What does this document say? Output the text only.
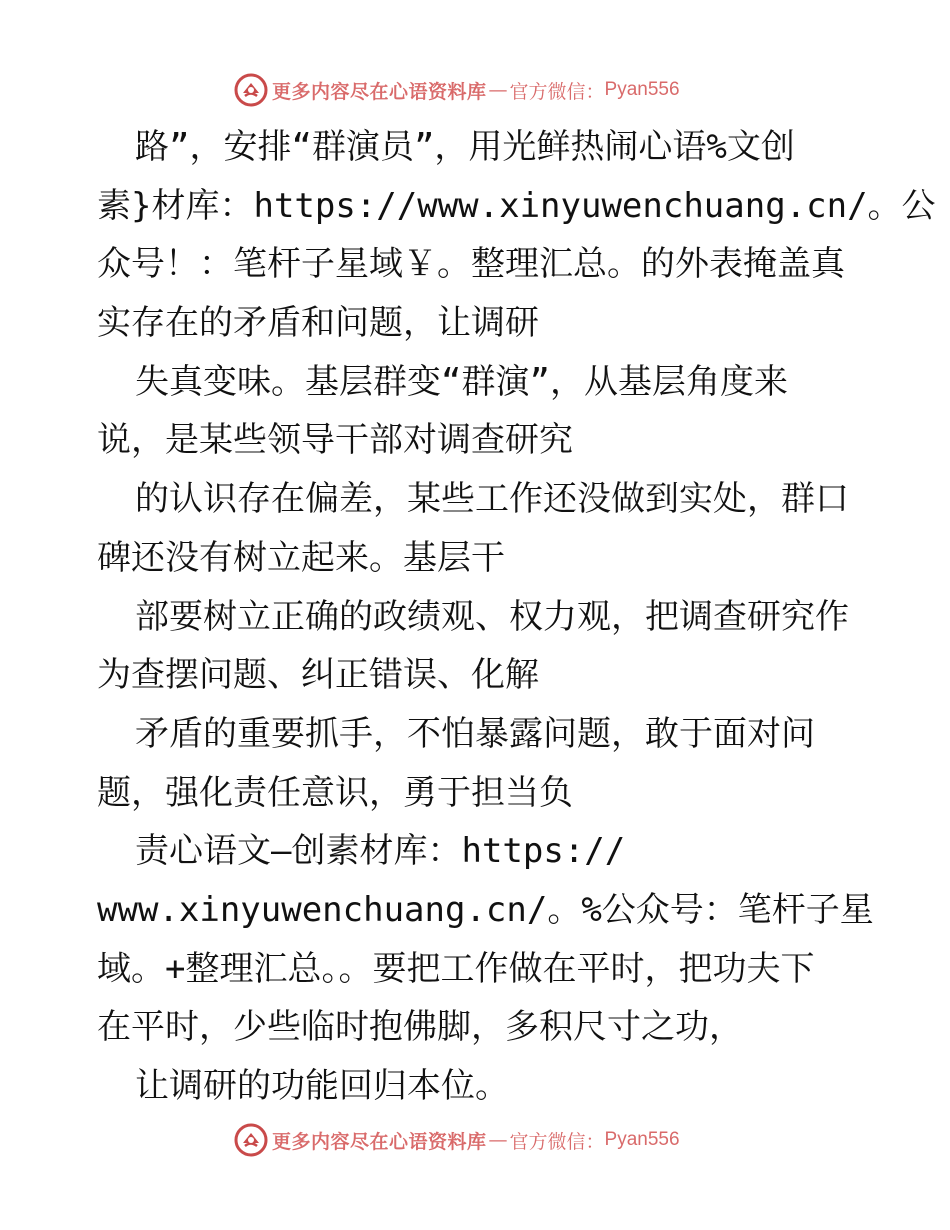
更多内容尽在心语资料库 — 官方微信： Pyan556
路”，安排“群演员”，用光鲜热闹心语%文创
素}材库：https://www.xinyuwenchuang.cn/。公
众号！：笔杆子星域￥。整理汇总。的外表掩盖真
实存在的矛盾和问题，让调研
失真变味。基层群变“群演”，从基层角度来
说，是某些领导干部对调查研究
的认识存在偏差，某些工作还没做到实处，群口
碑还没有树立起来。基层干
部要树立正确的政绩观、权力观，把调查研究作
为查摆问题、纠正错误、化解
矛盾的重要抓手，不怕暴露问题，敢于面对问
题，强化责任意识，勇于担当负
责心语文—创素材库：https://
www.xinyuwenchuang.cn/。%公众号：笔杆子星
域。+整理汇总。。要把工作做在平时，把功夫下
在平时，少些临时抱佛脚，多积尺寸之功，
让调研的功能回归本位。
更多内容尽在心语资料库 — 官方微信： Pyan556
